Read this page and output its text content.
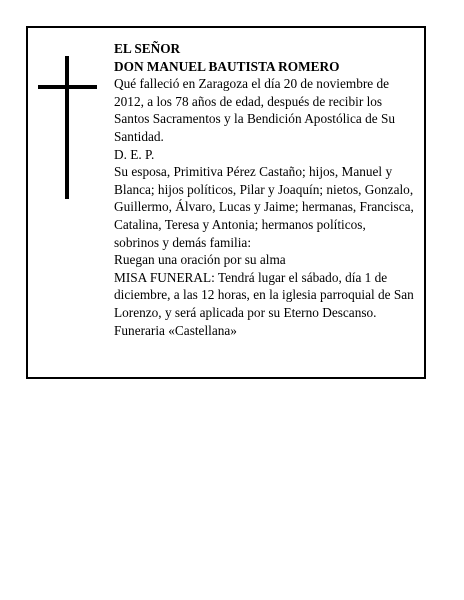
EL SEÑOR

DON MANUEL BAUTISTA ROMERO

Qué falleció en Zaragoza el día 20 de noviembre de 2012, a los 78 años de edad, después de recibir los Santos Sacramentos y la Bendición Apostólica de Su Santidad.

D. E. P.

Su esposa, Primitiva Pérez Castaño; hijos, Manuel y Blanca; hijos políticos, Pilar y Joaquín; nietos, Gonzalo, Guillermo, Álvaro, Lucas y Jaime; hermanas, Francisca, Catalina, Teresa y Antonia; hermanos políticos, sobrinos y demás familia:

Ruegan una oración por su alma

MISA FUNERAL: Tendrá lugar el sábado, día 1 de diciembre, a las 12 horas, en la iglesia parroquial de San Lorenzo, y será aplicada por su Eterno Descanso.

Funeraria «Castellana»
